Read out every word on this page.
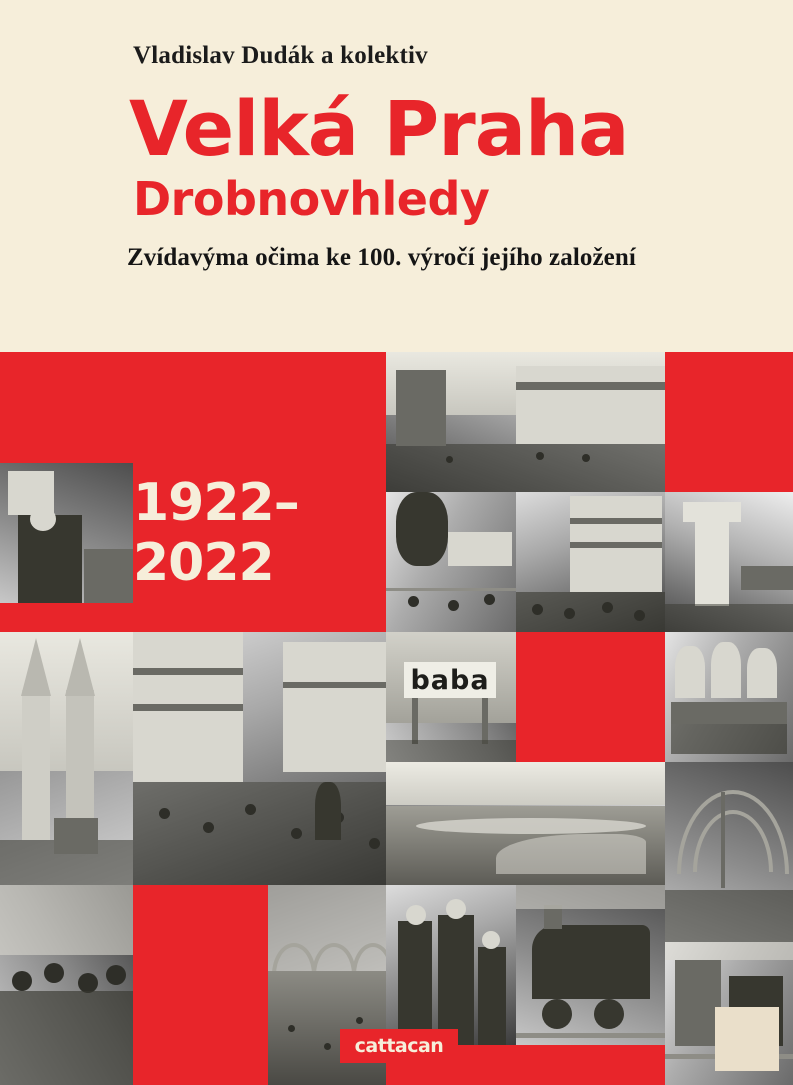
Vladislav Dudák a kolektiv
Velká Praha
Drobnovhledy
Zvídavýma očima ke 100. výročí jejího založení
1922–2022
baba
cattacan
